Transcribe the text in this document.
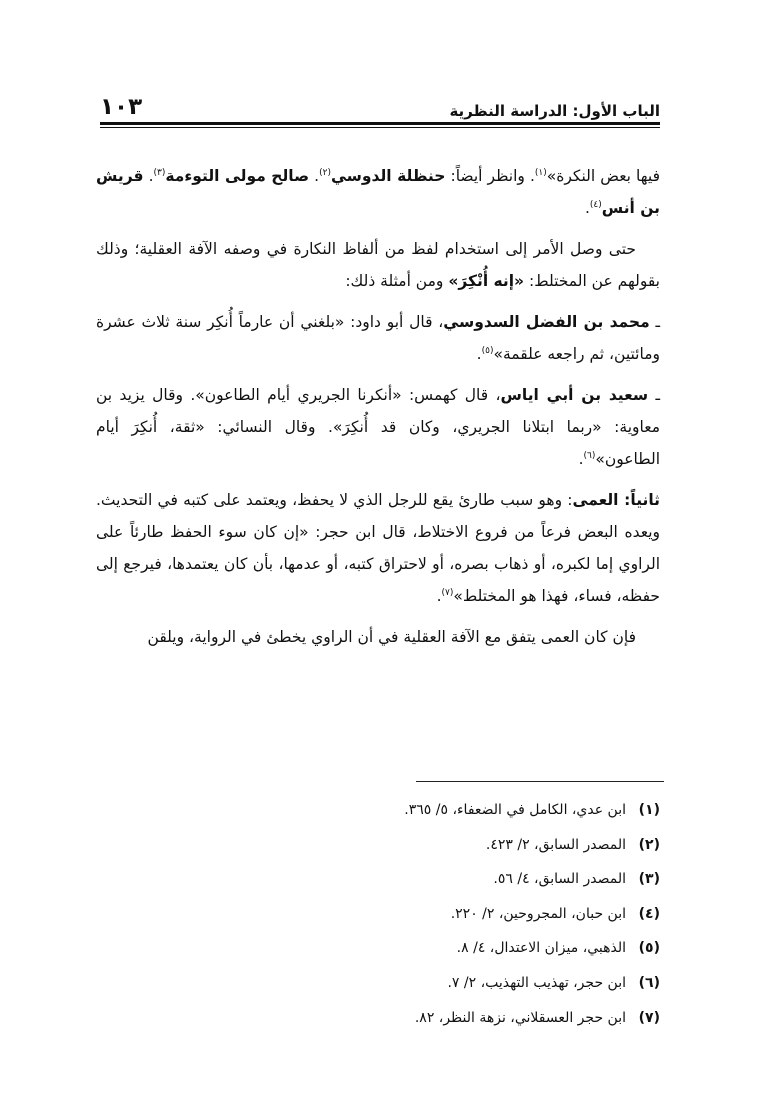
الباب الأول: الدراسة النظرية
١٠٣

فيها بعض النكرة»$^{(١)}$. وانظر أيضاً: حنظلة الدوسي$^{(٢)}$. صالح مولى التوءمة$^{(٣)}$. قريش بن أنس$^{(٤)}$.

حتى وصل الأمر إلى استخدام لفظ من ألفاظ النكارة في وصفه الآفة العقلية؛ وذلك بقولهم عن المختلط: «إنه أُنْكِرَ» ومن أمثلة ذلك:

ـ محمد بن الفضل السدوسي، قال أبو داود: «بلغني أن عارماً أُنكِر سنة ثلاث عشرة ومائتين، ثم راجعه علقمة»$^{(٥)}$.

ـ سعيد بن أبي اياس، قال كهمس: «أنكرنا الجريري أيام الطاعون». وقال يزيد بن معاوية: «ربما ابتلانا الجريري، وكان قد أُنكِرَ». وقال النسائي: «ثقة، أُنكِرَ أيام الطاعون»$^{(٦)}$.

ثانياً: العمى: وهو سبب طارئ يقع للرجل الذي لا يحفظ، ويعتمد على كتبه في التحديث. ويعده البعض فرعاً من فروع الاختلاط، قال ابن حجر: «إن كان سوء الحفظ طارئاً على الراوي إما لكبره، أو ذهاب بصره، أو لاحتراق كتبه، أو عدمها، بأن كان يعتمدها، فيرجع إلى حفظه، فساء، فهذا هو المختلط»$^{(٧)}$.

فإن كان العمى يتفق مع الآفة العقلية في أن الراوي يخطئ في الرواية، ويلقن

(١)ابن عدي، الكامل في الضعفاء، ٥/ ٣٦٥.
(٢)المصدر السابق، ٢/ ٤٢٣.
(٣)المصدر السابق، ٤/ ٥٦.
(٤)ابن حبان، المجروحين، ٢/ ٢٢٠.
(٥)الذهبي، ميزان الاعتدال، ٤/ ٨.
(٦)ابن حجر، تهذيب التهذيب، ٢/ ٧.
(٧)ابن حجر العسقلاني، نزهة النظر، ٨٢.
